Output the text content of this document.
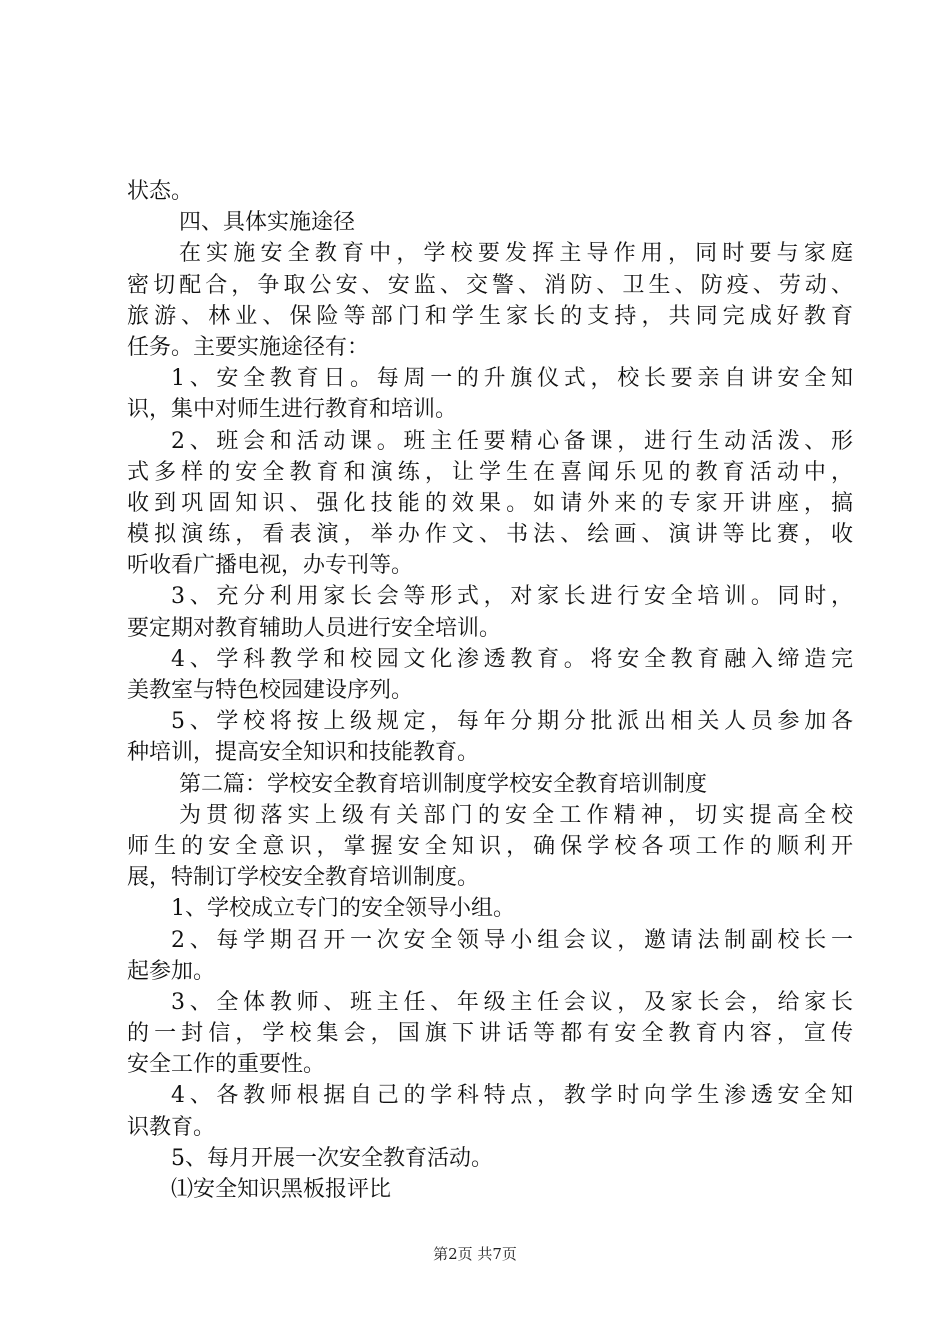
状态。
四、具体实施途径
在实施安全教育中，学校要发挥主导作用，同时要与家庭
密切配合，争取公安、安监、交警、消防、卫生、防疫、劳动、
旅游、林业、保险等部门和学生家长的支持，共同完成好教育
任务。主要实施途径有：
1、安全教育日。每周一的升旗仪式，校长要亲自讲安全知
识，集中对师生进行教育和培训。
2、班会和活动课。班主任要精心备课，进行生动活泼、形
式多样的安全教育和演练，让学生在喜闻乐见的教育活动中，
收到巩固知识、强化技能的效果。如请外来的专家开讲座，搞
模拟演练，看表演，举办作文、书法、绘画、演讲等比赛，收
听收看广播电视，办专刊等。
3、充分利用家长会等形式，对家长进行安全培训。同时，
要定期对教育辅助人员进行安全培训。
4、学科教学和校园文化渗透教育。将安全教育融入缔造完
美教室与特色校园建设序列。
5、学校将按上级规定，每年分期分批派出相关人员参加各
种培训，提高安全知识和技能教育。
第二篇：学校安全教育培训制度学校安全教育培训制度
为贯彻落实上级有关部门的安全工作精神，切实提高全校
师生的安全意识，掌握安全知识，确保学校各项工作的顺利开
展，特制订学校安全教育培训制度。
1、学校成立专门的安全领导小组。
2、每学期召开一次安全领导小组会议，邀请法制副校长一
起参加。
3、全体教师、班主任、年级主任会议，及家长会，给家长
的一封信，学校集会，国旗下讲话等都有安全教育内容，宣传
安全工作的重要性。
4、各教师根据自己的学科特点，教学时向学生渗透安全知
识教育。
5、每月开展一次安全教育活动。
⑴安全知识黑板报评比
第2页 共7页
